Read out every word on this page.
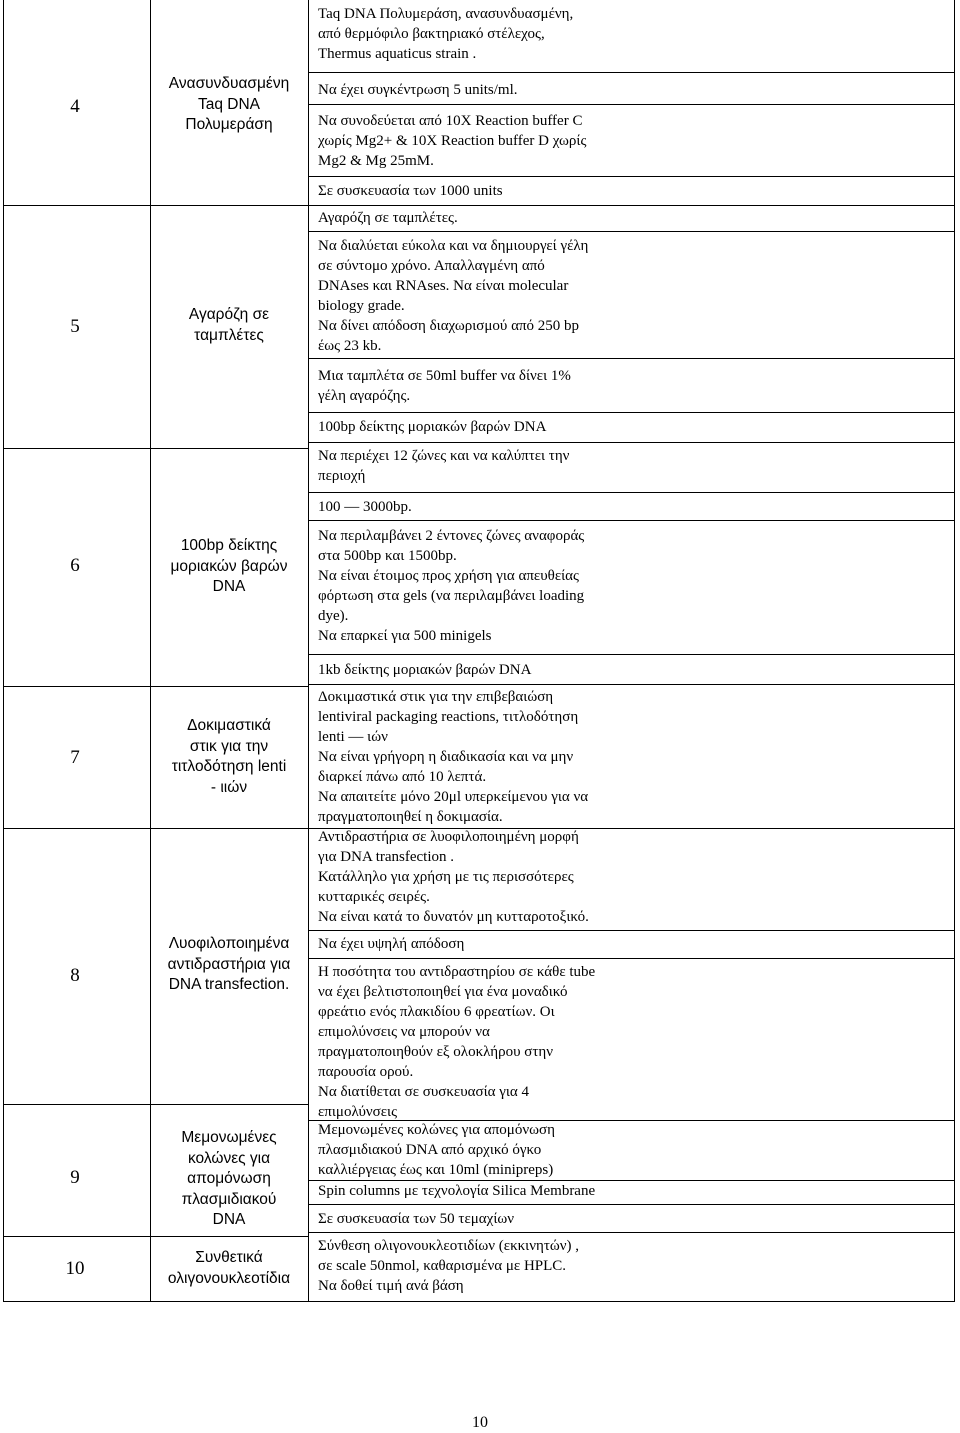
4
5
6
7
8
9
10
Ανασυνδυασμένη
Taq DNA
Πολυμεράση
Αγαρόζη σε
ταμπλέτες
100bp δείκτης
μοριακών βαρών
DNA
Δοκιμαστικά
στικ για την
τιτλοδότηση lenti
- ιιών
Λυοφιλοποιημένα
αντιδραστήρια για
DNA transfection.
Μεμονωμένες
κολώνες για
απομόνωση
πλασμιδιακού
DNA
Συνθετικά
ολιγονουκλεοτίδια
Taq DNA Πολυμεράση, ανασυνδυασμένη,
από θερμόφιλο βακτηριακό στέλεχος,
Thermus aquaticus strain .
Να έχει συγκέντρωση 5 units/ml.
Να συνοδεύεται από 10X Reaction buffer C
χωρίς Mg2+ & 10X Reaction buffer D χωρίς
Mg2 & Mg 25mM.
Σε συσκευασία των 1000 units
Αγαρόζη σε ταμπλέτες.
Να διαλύεται εύκολα και να δημιουργεί γέλη
σε σύντομο χρόνο. Απαλλαγμένη από
DNAses και RNAses. Να είναι molecular
biology grade.
Να δίνει απόδοση διαχωρισμού από 250 bp
έως 23 kb.
Μια ταμπλέτα σε 50ml buffer να δίνει 1%
γέλη αγαρόζης.
100bp δείκτης μοριακών βαρών DNA
Να περιέχει 12 ζώνες και να καλύπτει την
περιοχή
100 — 3000bp.
Να περιλαμβάνει 2 έντονες ζώνες αναφοράς
στα 500bp και 1500bp.
Να είναι έτοιμος προς χρήση για απευθείας
φόρτωση στα gels (να περιλαμβάνει loading
dye).
Να επαρκεί για 500 minigels
1kb δείκτης μοριακών βαρών DNA
Δοκιμαστικά στικ για την επιβεβαιώση
lentiviral packaging reactions, τιτλοδότηση
lenti — ιών
Να είναι γρήγορη η διαδικασία και να μην
διαρκεί πάνω από 10 λεπτά.
Να απαιτείτε μόνο 20μl υπερκείμενου για να
πραγματοποιηθεί η δοκιμασία.
Αντιδραστήρια σε λυοφιλοποιημένη μορφή
για DNA transfection .
Κατάλληλο για χρήση με τις περισσότερες
κυτταρικές σειρές.
Να είναι κατά το δυνατόν μη κυτταροτοξικό.
Να έχει υψηλή απόδοση
Η ποσότητα του αντιδραστηρίου σε κάθε tube
να έχει βελτιστοποιηθεί για ένα μοναδικό
φρεάτιο ενός πλακιδίου 6 φρεατίων. Οι
επιμολύνσεις να μπορούν να
πραγματοποιηθούν εξ ολοκλήρου στην
παρουσία ορού.
Να διατίθεται σε συσκευασία για 4
επιμολύνσεις
Μεμονωμένες κολώνες για απομόνωση
πλασμιδιακού DNA από αρχικό όγκο
καλλιέργειας έως και 10ml (minipreps)
Spin columns με τεχνολογία Silica Membrane
Σε συσκευασία των 50 τεμαχίων
Σύνθεση ολιγονουκλεοτιδίων (εκκινητών) ,
σε scale 50nmol, καθαρισμένα με HPLC.
Να δοθεί τιμή ανά βάση
10
